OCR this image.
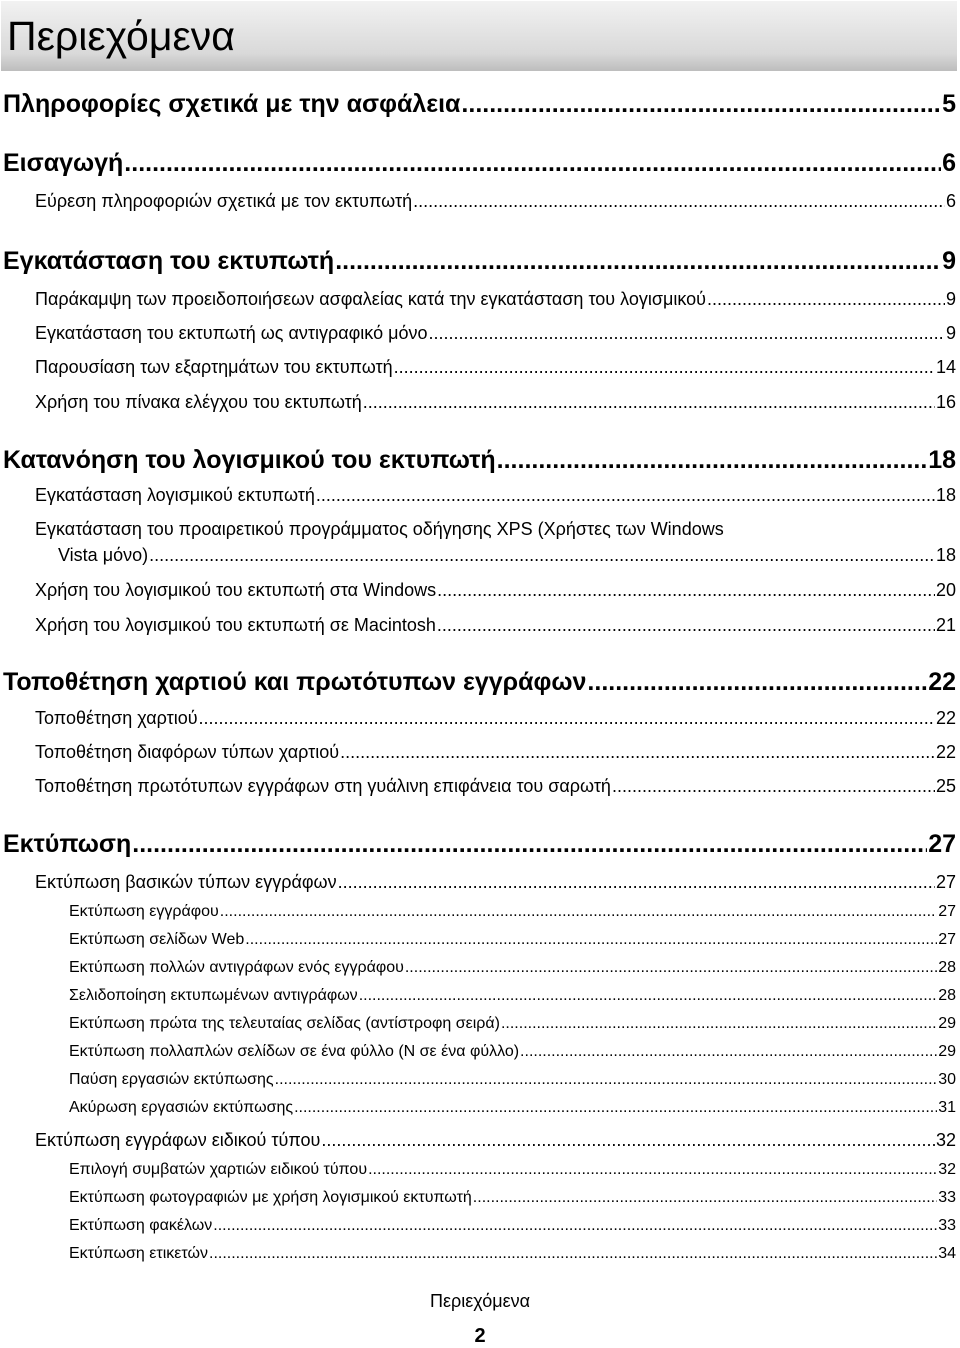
Περιεχόμενα
Πληροφορίες σχετικά με την ασφάλεια .....	5
Εισαγωγή .....	6
Εύρεση πληροφοριών σχετικά με τον εκτυπωτή .....	6
Εγκατάσταση του εκτυπωτή .....	9
Παράκαμψη των προειδοποιήσεων ασφαλείας κατά την εγκατάσταση του λογισμικού .....	9
Εγκατάσταση του εκτυπωτή ως αντιγραφικό μόνο .....	9
Παρουσίαση των εξαρτημάτων του εκτυπωτή .....	14
Χρήση του πίνακα ελέγχου του εκτυπωτή .....	16
Κατανόηση του λογισμικού του εκτυπωτή .....	18
Εγκατάσταση λογισμικού εκτυπωτή .....	18
Εγκατάσταση του προαιρετικού προγράμματος οδήγησης XPS (Χρήστες των Windows
Vista μόνο) .....	18
Χρήση του λογισμικού του εκτυπωτή στα Windows .....	20
Χρήση του λογισμικού του εκτυπωτή σε Macintosh .....	21
Τοποθέτηση χαρτιού και πρωτότυπων εγγράφων .....	22
Τοποθέτηση χαρτιού .....	22
Τοποθέτηση διαφόρων τύπων χαρτιού .....	22
Τοποθέτηση πρωτότυπων εγγράφων στη γυάλινη επιφάνεια του σαρωτή .....	25
Εκτύπωση .....	27
Εκτύπωση βασικών τύπων εγγράφων .....	27
Εκτύπωση εγγράφου .....	27
Εκτύπωση σελίδων Web .....	27
Εκτύπωση πολλών αντιγράφων ενός εγγράφου .....	28
Σελιδοποίηση εκτυπωμένων αντιγράφων .....	28
Εκτύπωση πρώτα της τελευταίας σελίδας (αντίστροφη σειρά) .....	29
Εκτύπωση πολλαπλών σελίδων σε ένα φύλλο (N σε ένα φύλλο) .....	29
Παύση εργασιών εκτύπωσης .....	30
Ακύρωση εργασιών εκτύπωσης .....	31
Εκτύπωση εγγράφων ειδικού τύπου .....	32
Επιλογή συμβατών χαρτιών ειδικού τύπου .....	32
Εκτύπωση φωτογραφιών με χρήση λογισμικού εκτυπωτή .....	33
Εκτύπωση φακέλων .....	33
Εκτύπωση ετικετών .....	34
Περιεχόμενα
2
